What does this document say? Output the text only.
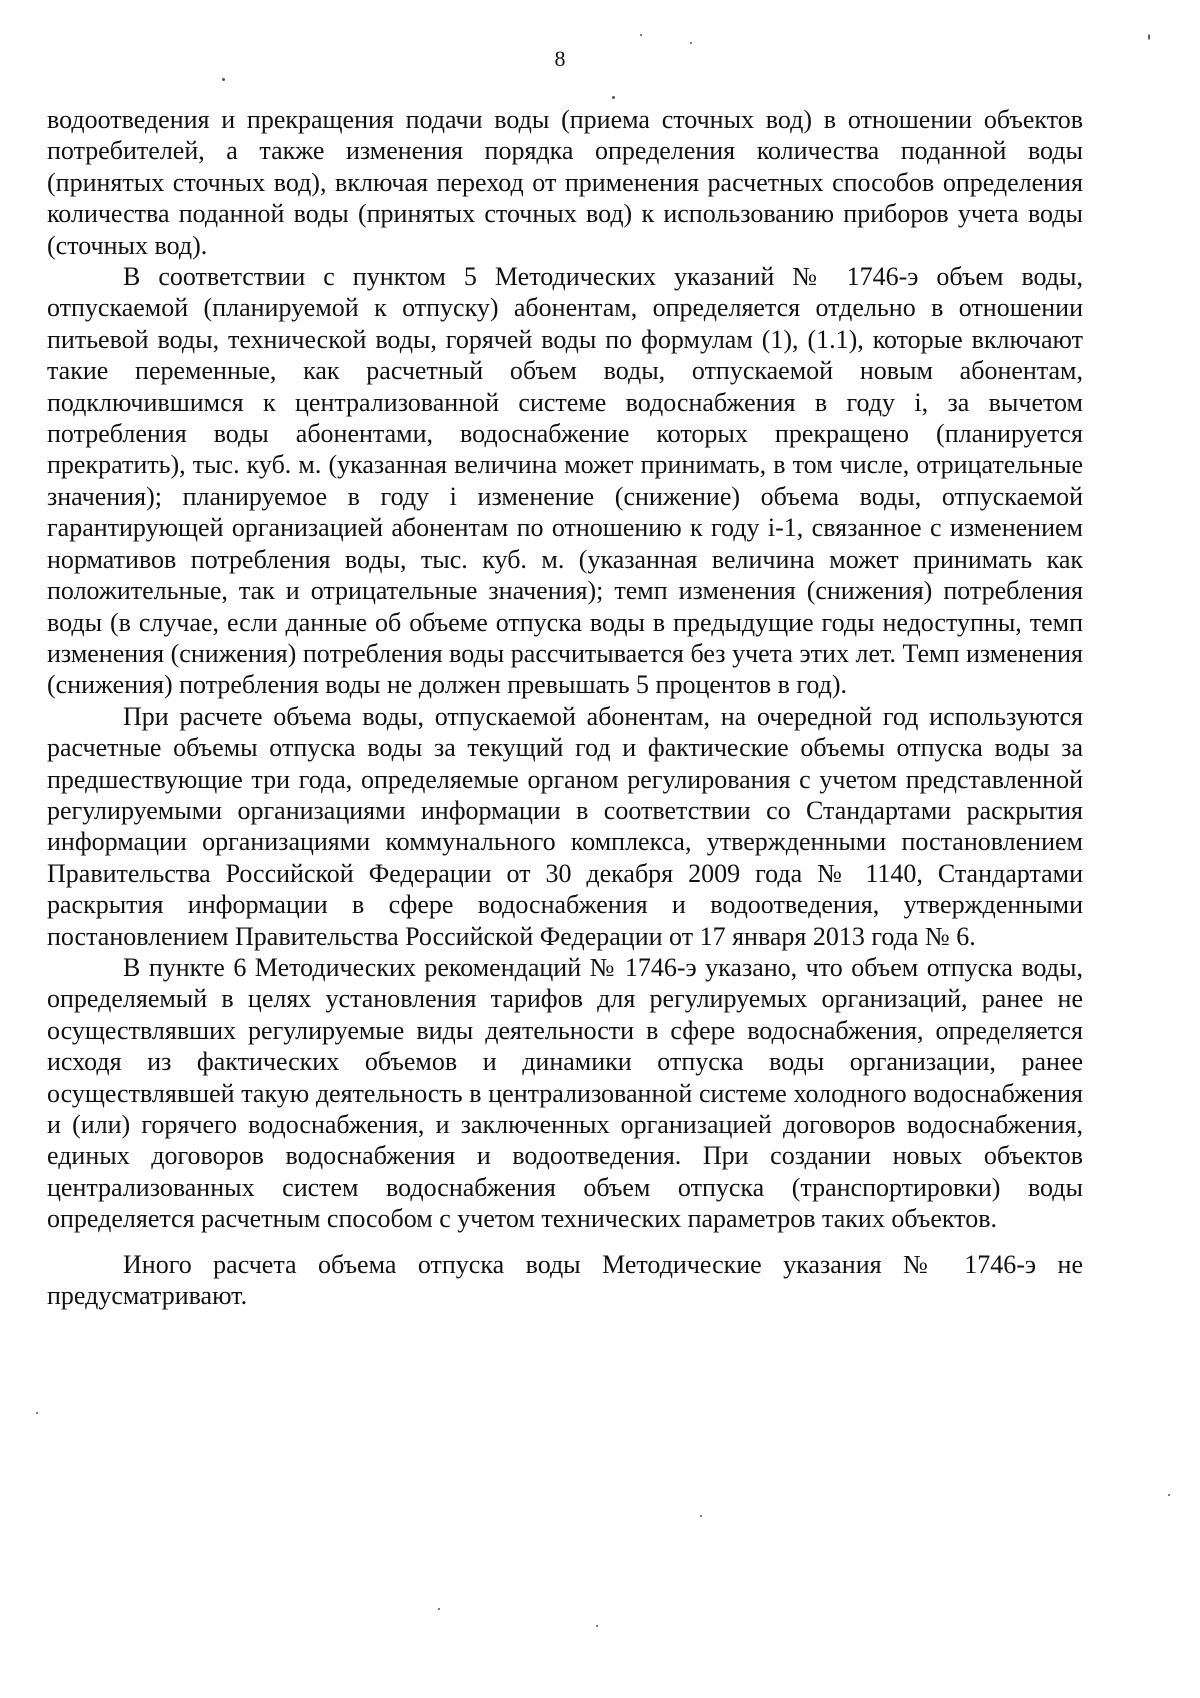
8

водоотведения и прекращения подачи воды (приема сточных вод) в отношении объектов потребителей, а также изменения порядка определения количества поданной воды (принятых сточных вод), включая переход от применения расчетных способов определения количества поданной воды (принятых сточных вод) к использованию приборов учета воды (сточных вод).

В соответствии с пунктом 5 Методических указаний № 1746-э объем воды, отпускаемой (планируемой к отпуску) абонентам, определяется отдельно в отношении питьевой воды, технической воды, горячей воды по формулам (1), (1.1), которые включают такие переменные, как расчетный объем воды, отпускаемой новым абонентам, подключившимся к централизованной системе водоснабжения в году i, за вычетом потребления воды абонентами, водоснабжение которых прекращено (планируется прекратить), тыс. куб. м. (указанная величина может принимать, в том числе, отрицательные значения); планируемое в году i изменение (снижение) объема воды, отпускаемой гарантирующей организацией абонентам по отношению к году i-1, связанное с изменением нормативов потребления воды, тыс. куб. м. (указанная величина может принимать как положительные, так и отрицательные значения); темп изменения (снижения) потребления воды (в случае, если данные об объеме отпуска воды в предыдущие годы недоступны, темп изменения (снижения) потребления воды рассчитывается без учета этих лет. Темп изменения (снижения) потребления воды не должен превышать 5 процентов в год).

При расчете объема воды, отпускаемой абонентам, на очередной год используются расчетные объемы отпуска воды за текущий год и фактические объемы отпуска воды за предшествующие три года, определяемые органом регулирования с учетом представленной регулируемыми организациями информации в соответствии со Стандартами раскрытия информации организациями коммунального комплекса, утвержденными постановлением Правительства Российской Федерации от 30 декабря 2009 года № 1140, Стандартами раскрытия информации в сфере водоснабжения и водоотведения, утвержденными постановлением Правительства Российской Федерации от 17 января 2013 года № 6.

В пункте 6 Методических рекомендаций № 1746-э указано, что объем отпуска воды, определяемый в целях установления тарифов для регулируемых организаций, ранее не осуществлявших регулируемые виды деятельности в сфере водоснабжения, определяется исходя из фактических объемов и динамики отпуска воды организации, ранее осуществлявшей такую деятельность в централизованной системе холодного водоснабжения и (или) горячего водоснабжения, и заключенных организацией договоров водоснабжения, единых договоров водоснабжения и водоотведения. При создании новых объектов централизованных систем водоснабжения объем отпуска (транспортировки) воды определяется расчетным способом с учетом технических параметров таких объектов.

Иного расчета объема отпуска воды Методические указания № 1746-э не предусматривают.
